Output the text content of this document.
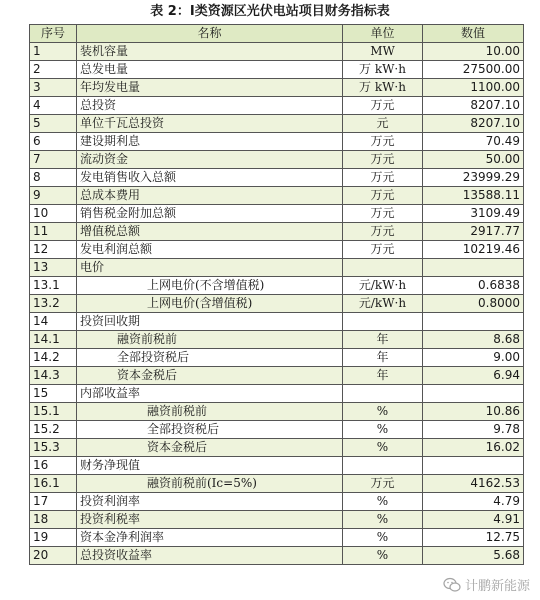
表 2：Ⅰ类资源区光伏电站项目财务指标表
序号	名称	单位	数值
1	装机容量	MW	10.00
2	总发电量	万 kW·h	27500.00
3	年均发电量	万 kW·h	1100.00
4	总投资	万元	8207.10
5	单位千瓦总投资	元	8207.10
6	建设期利息	万元	70.49
7	流动资金	万元	50.00
8	发电销售收入总额	万元	23999.29
9	总成本费用	万元	13588.11
10	销售税金附加总额	万元	3109.49
11	增值税总额	万元	2917.77
12	发电利润总额	万元	10219.46
13	电价		
13.1	上网电价(不含增值税)	元/kW·h	0.6838
13.2	上网电价(含增值税)	元/kW·h	0.8000
14	投资回收期		
14.1	融资前税前	年	8.68
14.2	全部投资税后	年	9.00
14.3	资本金税后	年	6.94
15	内部收益率		
15.1	融资前税前	%	10.86
15.2	全部投资税后	%	9.78
15.3	资本金税后	%	16.02
16	财务净现值		
16.1	融资前税前(Ic=5%)	万元	4162.53
17	投资利润率	%	4.79
18	投资利税率	%	4.91
19	资本金净利润率	%	12.75
20	总投资收益率	%	5.68
计鹏新能源
